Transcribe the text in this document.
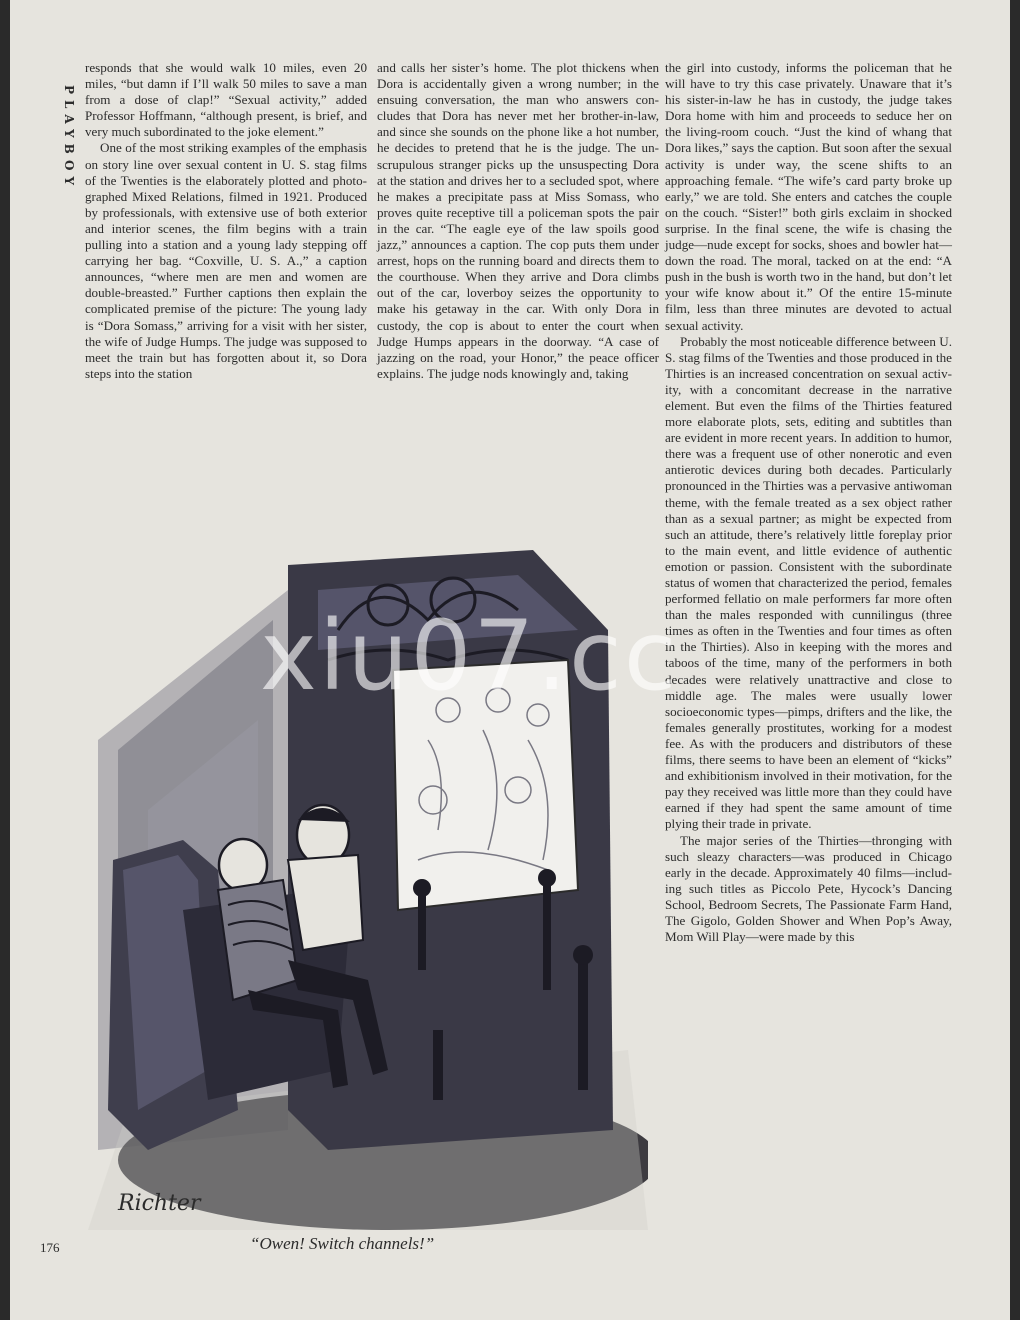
PLAYBOY

responds that she would walk 10 miles, even 20 miles, “but damn if I’ll walk 50 miles to save a man from a dose of clap!” “Sexual activity,” added Professor Hoffmann, “although present, is brief, and very much subordinated to the joke element.”

One of the most striking examples of the emphasis on story line over sexual content in U. S. stag films of the Twenties is the elaborately plotted and photographed Mixed Relations, filmed in 1921. Produced by professionals, with extensive use of both exterior and interior scenes, the film begins with a train pulling into a station and a young lady stepping off carrying her bag. “Coxville, U. S. A.,” a caption announces, “where men are men and women are double-breasted.” Further captions then explain the complicated premise of the picture: The young lady is “Dora Somass,” arriving for a visit with her sister, the wife of Judge Humps. The judge was supposed to meet the train but has forgotten about it, so Dora steps into the station

and calls her sister’s home. The plot thickens when Dora is accidentally given a wrong number; in the ensuing conversation, the man who answers concludes that Dora has never met her brother-in-law, and since she sounds on the phone like a hot number, he decides to pretend that he is the judge. The unscrupulous stranger picks up the unsuspecting Dora at the station and drives her to a secluded spot, where he makes a precipitate pass at Miss Somass, who proves quite receptive till a policeman spots the pair in the car. “The eagle eye of the law spoils good jazz,” announces a caption. The cop puts them under arrest, hops on the running board and directs them to the courthouse. When they arrive and Dora climbs out of the car, loverboy seizes the opportunity to make his getaway in the car. With only Dora in custody, the cop is about to enter the court when Judge Humps appears in the doorway. “A case of jazzing on the road, your Honor,” the peace officer explains. The judge nods knowingly and, taking

the girl into custody, informs the policeman that he will have to try this case privately. Unaware that it’s his sister-in-law he has in custody, the judge takes Dora home with him and proceeds to seduce her on the living-room couch. “Just the kind of whang that Dora likes,” says the caption. But soon after the sexual activity is under way, the scene shifts to an approaching female. “The wife’s card party broke up early,” we are told. She enters and catches the couple on the couch. “Sister!” both girls exclaim in shocked surprise. In the final scene, the wife is chasing the judge—nude except for socks, shoes and bowler hat—down the road. The moral, tacked on at the end: “A push in the bush is worth two in the hand, but don’t let your wife know about it.” Of the entire 15-minute film, less than three minutes are devoted to actual sexual activity.

Probably the most noticeable difference between U. S. stag films of the Twenties and those produced in the Thirties is an increased concentration on sexual activity, with a concomitant decrease in the narrative element. But even the films of the Thirties featured more elaborate plots, sets, editing and subtitles than are evident in more recent years. In addition to humor, there was a frequent use of other nonerotic and even antierotic devices during both decades. Particularly pronounced in the Thirties was a pervasive antiwoman theme, with the female treated as a sex object rather than as a sexual partner; as might be expected from such an attitude, there’s relatively little foreplay prior to the main event, and little evidence of authentic emotion or passion. Consistent with the subordinate status of women that characterized the period, females performed fellatio on male performers far more often than the males responded with cunnilingus (three times as often in the Twenties and four times as often in the Thirties). Also in keeping with the mores and taboos of the time, many of the performers in both decades were relatively unattractive and close to middle age. The males were usually lower socioeconomic types—pimps, drifters and the like, the females generally prostitutes, working for a modest fee. As with the producers and distributors of these films, there seems to have been an element of “kicks” and exhibitionism involved in their motivation, for the pay they received was little more than they could have earned if they had spent the same amount of time plying their trade in private.

The major series of the Thirties—thronging with such sleazy characters—was produced in Chicago early in the decade. Approximately 40 films—including such titles as Piccolo Pete, Hycock’s Dancing School, Bedroom Secrets, The Passionate Farm Hand, The Gigolo, Golden Shower and When Pop’s Away, Mom Will Play—were made by this

Richter
“Owen! Switch channels!”
176
xiu07.cc
